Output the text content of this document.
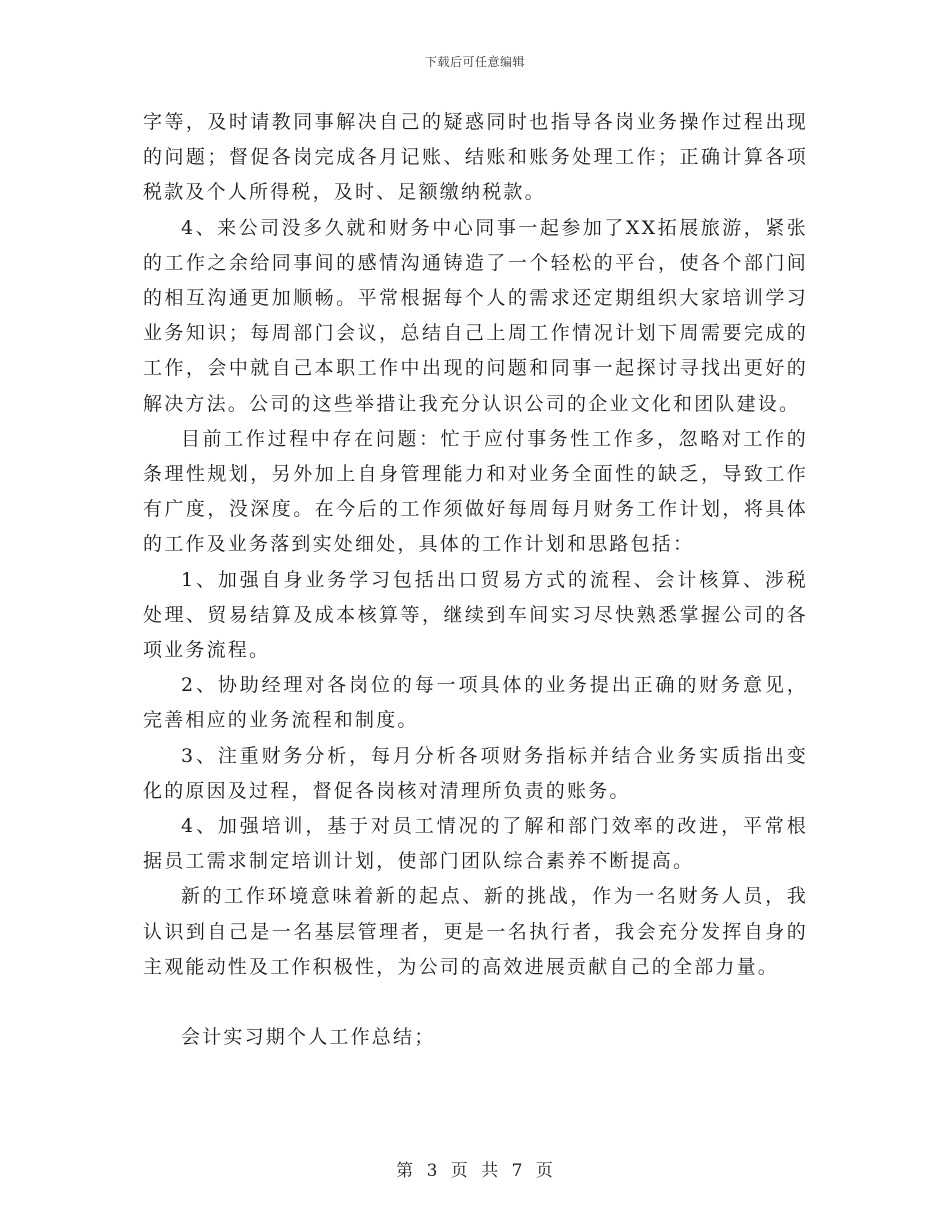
下载后可任意编辑

字等，及时请教同事解决自己的疑惑同时也指导各岗业务操作过程出现的问题；督促各岗完成各月记账、结账和账务处理工作；正确计算各项税款及个人所得税，及时、足额缴纳税款。

4、来公司没多久就和财务中心同事一起参加了XX拓展旅游，紧张的工作之余给同事间的感情沟通铸造了一个轻松的平台，使各个部门间的相互沟通更加顺畅。平常根据每个人的需求还定期组织大家培训学习业务知识；每周部门会议，总结自己上周工作情况计划下周需要完成的工作，会中就自己本职工作中出现的问题和同事一起探讨寻找出更好的解决方法。公司的这些举措让我充分认识公司的企业文化和团队建设。

目前工作过程中存在问题：忙于应付事务性工作多，忽略对工作的条理性规划，另外加上自身管理能力和对业务全面性的缺乏，导致工作有广度，没深度。在今后的工作须做好每周每月财务工作计划，将具体的工作及业务落到实处细处，具体的工作计划和思路包括：

1、加强自身业务学习包括出口贸易方式的流程、会计核算、涉税处理、贸易结算及成本核算等，继续到车间实习尽快熟悉掌握公司的各项业务流程。

2、协助经理对各岗位的每一项具体的业务提出正确的财务意见，完善相应的业务流程和制度。

3、注重财务分析，每月分析各项财务指标并结合业务实质指出变化的原因及过程，督促各岗核对清理所负责的账务。

4、加强培训，基于对员工情况的了解和部门效率的改进，平常根据员工需求制定培训计划，使部门团队综合素养不断提高。

新的工作环境意味着新的起点、新的挑战，作为一名财务人员，我认识到自己是一名基层管理者，更是一名执行者，我会充分发挥自身的主观能动性及工作积极性，为公司的高效进展贡献自己的全部力量。

会计实习期个人工作总结；

第 3 页 共 7 页
